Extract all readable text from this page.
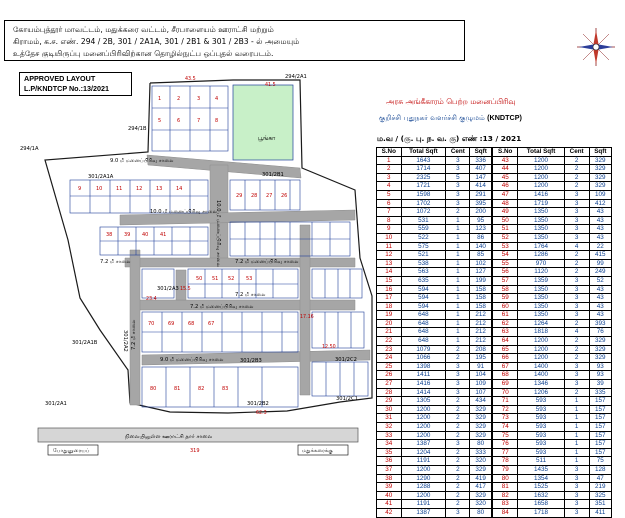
கோயம்புத்தூர் மாவட்டம், மதுக்கரை வட்டம், சீரபாளையம் ஊராட்சி மற்றும்
கிராமம், க.ச. எண். 294 / 2B, 301 / 2A1A, 301 / 2B1 & 301 / 2B3 - ல் அமையும்
உத்தேச குடியிருப்பு மனைப்பிரிவிற்கான தொழில்நுட்ப ஒப்புதல் வரைபடம்.
APPROVED LAYOUT
L.P/KNDTCP No.:13/2021
பூங்கா
1	2	3	4
5	6	7	8
9	10	11	12	13	14
29 28 27 26
38 39 40 41
50 51 52 53
70	69	68	67
80	81	82	83
9.0 மீ மனைப்பிரிவு சாலை
10.0 மீ மனைப்பிரிவு சாலை
7.2 மீ சாலை	7.2 மீ மனைப்பிரிவு சாலை
7.2 மீ சாலை
7.2 மீ மனைப்பிரிவு சாலை
9.0 மீ மனைப்பிரிவு சாலை
7.2 மீ சாலை
10.0 மீ மனைப்பிரிவு சாலை
294/2A1
294/1B
294/1A
301/2A1A	301/2B1
301/2A3
301/2A2
301/2A1B
301/2B3	301/2C2
301/2C1
301/2A1	301/2B2
43.5
41.5
23.4
15.5
17.16
62.3
12.50
நிலையிலுள்ள ஊராட்சி தார் சாலை
போதுனுரையப்	319	மதுக்கரைக்கு
அரசு அங்கீகாரம் பெற்ற மனைப்பிரிவு
குறிச்சி புதுநகர் வளர்ச்சி குழுமம் (KNDTCP)
ம.வ / (கு. பு. ந. வ. கு) எண் :13 / 2021
S.No	Total Sqft	Cent	Sqft
1	1643	3	336
2	1714	3	407
3	2325	5	147
4	1721	3	414
5	1598	3	291
6	1702	3	395
7	1072	2	200
8	531	1	95
9	559	1	123
10	522	1	86
11	575	1	140
12	521	1	85
13	538	1	102
14	563	1	127
15	635	1	199
16	594	1	158
17	594	1	158
18	594	1	158
19	648	1	212
20	648	1	212
21	648	1	212
22	648	1	212
23	1079	2	208
24	1066	2	195
25	1398	3	91
26	1411	3	104
27	1416	3	109
28	1414	3	107
29	1305	2	434
30	1200	2	329
31	1200	2	329
32	1200	2	329
33	1200	2	329
34	1387	3	80
35	1204	2	333
36	1191	2	320
37	1200	2	329
38	1290	2	419
39	1288	2	417
40	1200	2	329
41	1191	2	320
42	1387	3	80
S.No	Total Sqft	Cent	Sqft
43	1200	2	329
44	1200	2	329
45	1200	2	329
46	1200	2	329
47	1416	3	109
48	1719	3	412
49	1350	3	43
50	1350	3	43
51	1350	3	43
52	1350	3	43
53	1764	4	22
54	1286	2	415
55	970	2	99
56	1120	2	249
57	1359	3	52
58	1350	3	43
59	1350	3	43
60	1350	3	43
61	1350	3	43
62	1264	2	393
63	1818	4	76
64	1200	2	329
65	1200	2	329
66	1200	2	329
67	1400	3	93
68	1400	3	93
69	1346	3	39
70	1206	2	335
71	593	1	157
72	593	1	157
73	593	1	157
74	593	1	157
75	593	1	157
76	593	1	157
77	593	1	157
78	511	1	75
79	1435	3	128
80	1354	3	47
81	1525	3	219
82	1632	3	325
83	1658	3	351
84	1718	3	411
